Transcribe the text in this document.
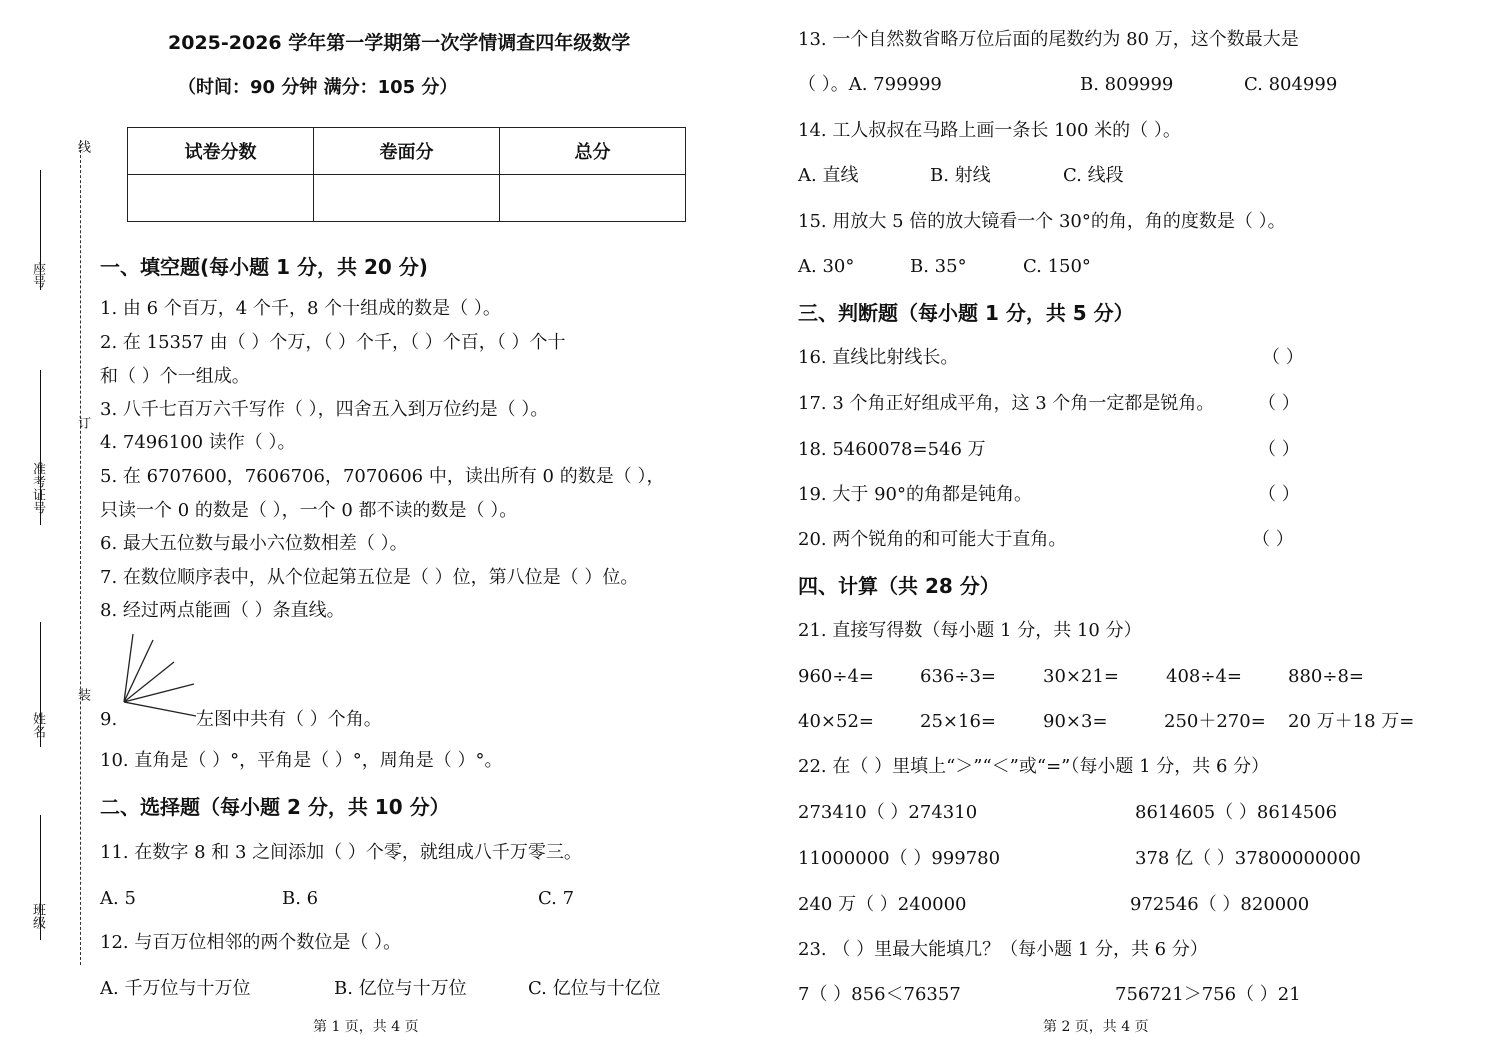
线
订
装
座号
准考证号
姓名
班级
2025-2026 学年第一学期第一次学情调查四年级数学
（时间：90 分钟 满分：105 分）
试卷分数	卷面分	总分

一、填空题(每小题 1 分，共 20 分)
1. 由 6 个百万，4 个千，8 个十组成的数是（ ）。
2. 在 15357 由（ ）个万，（ ）个千，（ ）个百，（ ）个十
和（ ）个一组成。
3. 八千七百万六千写作（ ），四舍五入到万位约是（ ）。
4. 7496100 读作（ ）。
5. 在 6707600，7606706，7070606 中，读出所有 0 的数是（ ），
只读一个 0 的数是（ ），一个 0 都不读的数是（ ）。
6. 最大五位数与最小六位数相差（ ）。
7. 在数位顺序表中，从个位起第五位是（ ）位，第八位是（ ）位。
8. 经过两点能画（ ）条直线。
9.	左图中共有（ ）个角。
10. 直角是（ ）°，平角是（ ）°，周角是（ ）°。
二、选择题（每小题 2 分，共 10 分）
11. 在数字 8 和 3 之间添加（ ）个零，就组成八千万零三。
A. 5	B. 6	C. 7
12. 与百万位相邻的两个数位是（ ）。
A. 千万位与十万位	B. 亿位与十万位	C. 亿位与十亿位
第 1 页，共 4 页
13. 一个自然数省略万位后面的尾数约为 80 万，这个数最大是
（ ）。A. 799999	B. 809999	C. 804999
14. 工人叔叔在马路上画一条长 100 米的（ ）。
A. 直线	B. 射线	C. 线段
15. 用放大 5 倍的放大镜看一个 30°的角，角的度数是（ ）。
A. 30°	B. 35°	C. 150°
三、判断题（每小题 1 分，共 5 分）
16. 直线比射线长。	（ ）
17. 3 个角正好组成平角，这 3 个角一定都是锐角。 （ ）
18. 5460078=546 万	（ ）
19. 大于 90°的角都是钝角。	（ ）
20. 两个锐角的和可能大于直角。	（ ）
四、计算（共 28 分）
21. 直接写得数（每小题 1 分，共 10 分）
960÷4=	636÷3=	30×21=	408÷4=	880÷8=
40×52=	25×16=	90×3=	250＋270= 20 万＋18 万=
22. 在（ ）里填上“＞”“＜”或“=”（每小题 1 分，共 6 分）
273410（ ）274310	8614605（ ）8614506
11000000（ ）999780	378 亿（ ）37800000000
240 万（ ）240000	972546（ ）820000
23. （ ）里最大能填几？（每小题 1 分，共 6 分）
7（ ）856＜76357	756721＞756（ ）21
第 2 页，共 4 页
